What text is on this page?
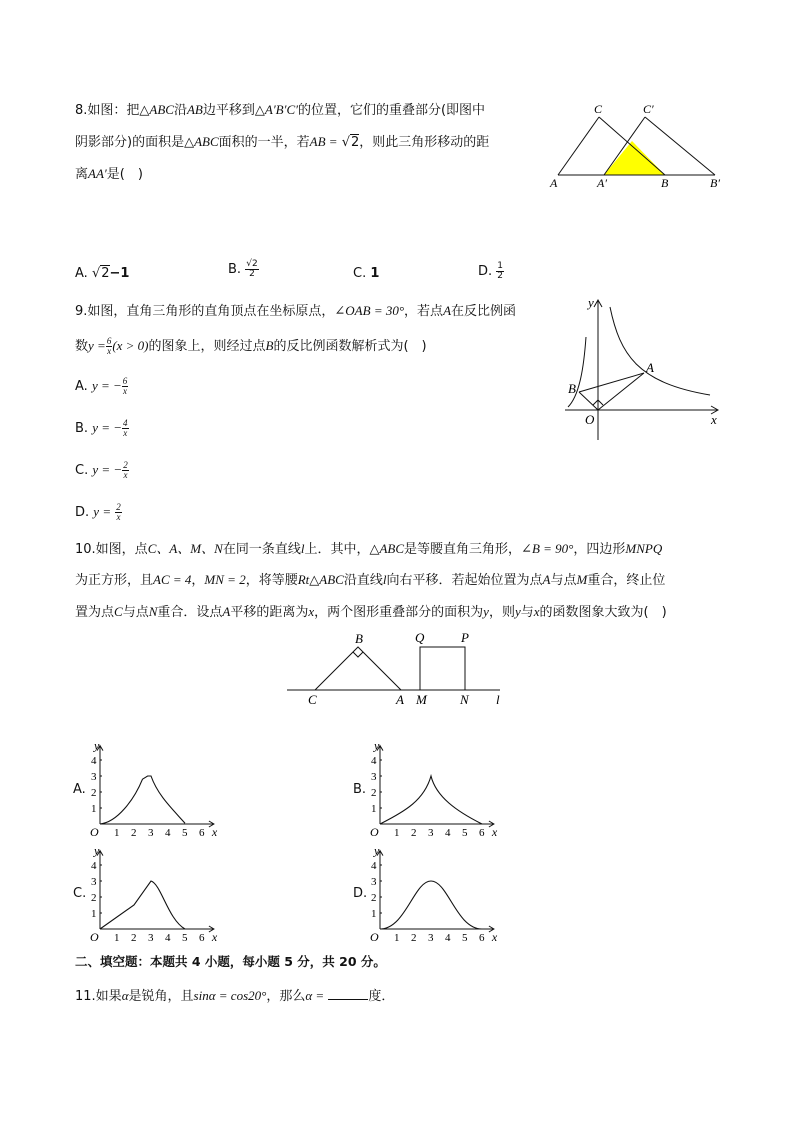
8.如图：把△ABC沿AB边平移到△A′B′C′的位置，它们的重叠部分(即图中
阴影部分)的面积是△ABC面积的一半，若AB = √2，则此三角形移动的距
离AA′是(　)
A	A′	B	B′
C	C′
A. √2−1	B. $\frac{√2}{2}$	C. 1	D. $\frac{1}{2}$
9.如图，直角三角形的直角顶点在坐标原点，∠OAB = 30°，若点A在反比例函
数$y = \frac{6}{x} (x > 0)$的图象上，则经过点B的反比例函数解析式为(　)
A. y = − $\frac{6}{x}$
B. y = − $\frac{4}{x}$
C. y = − $\frac{2}{x}$
D. $y = \frac{2}{x}$
y
x
O
A
B
10.如图，点C、A、M、N在同一条直线l上．其中，△ABC是等腰直角三角形，∠B = 90°，四边形MNPQ
为正方形，且AC = 4，MN = 2，将等腰Rt△ABC沿直线l向右平移．若起始位置为点A与点M重合，终止位
置为点C与点N重合．设点A平移的距离为x，两个图形重叠部分的面积为y，则y与x的函数图象大致为(　)
B	Q	P
C	A M	N l
A.	B.
C.	D.
1
2
3
4
1 2 3 4 5 6
O	x
y
1
2
3
4
1 2 3 4 5 6
O	x
y
1
2
3
4
1 2 3 4 5 6
O	x
y
1
2
3
4
1 2 3 4 5 6
O	x
y
二、填空题：本题共 4 小题，每小题 5 分，共 20 分。
11.如果α是锐角，且sinα = cos20°，那么α =	度．
